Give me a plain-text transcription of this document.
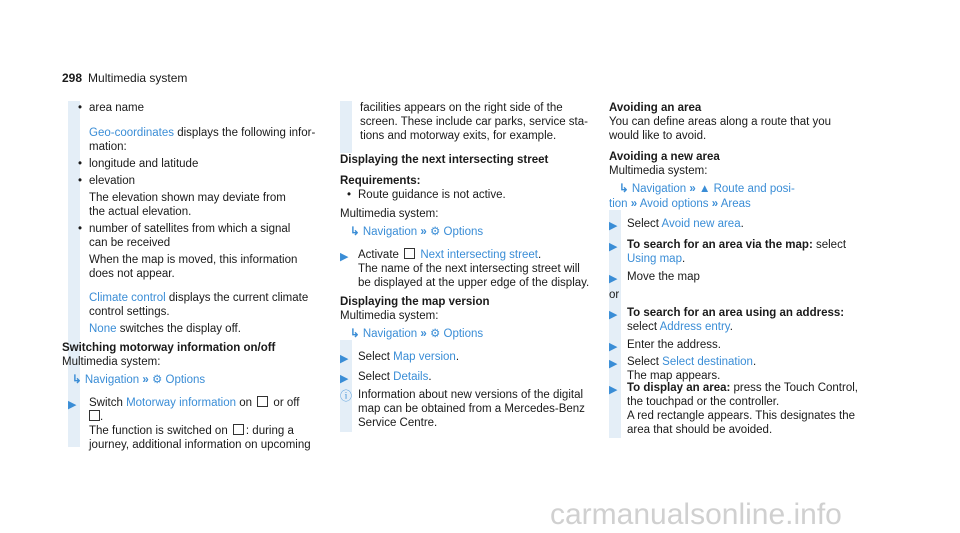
298 Multimedia system
• area name
Geo-coordinates displays the following infor-
mation:
• longitude and latitude
• elevation
The elevation shown may deviate from
the actual elevation.
• number of satellites from which a signal
can be received
When the map is moved, this information
does not appear.
Climate control displays the current climate
control settings.
None switches the display off.
Switching motorway information on/off
Multimedia system:
↳ Navigation » ⚙ Options
▶ Switch Motorway information on or off
.
The function is switched on : during a
journey, additional information on upcoming
facilities appears on the right side of the
screen. These include car parks, service sta-
tions and motorway exits, for example.
Displaying the next intersecting street
Requirements:
• Route guidance is not active.
Multimedia system:
↳ Navigation » ⚙ Options
▶ Activate Next intersecting street.
The name of the next intersecting street will
be displayed at the upper edge of the display.
Displaying the map version
Multimedia system:
↳ Navigation » ⚙ Options
▶ Select Map version.
▶ Select Details.
ⓘ Information about new versions of the digital
map can be obtained from a Mercedes-Benz
Service Centre.
Avoiding an area
You can define areas along a route that you
would like to avoid.
Avoiding a new area
Multimedia system:
↳ Navigation » ▲ Route and posi-
tion » Avoid options » Areas
▶ Select Avoid new area.
▶ To search for an area via the map: select
Using map.
▶ Move the map
or
▶ To search for an area using an address:
select Address entry.
▶ Enter the address.
▶ Select Select destination.
The map appears.
▶ To display an area: press the Touch Control,
the touchpad or the controller.
A red rectangle appears. This designates the
area that should be avoided.
carmanualsonline.info
